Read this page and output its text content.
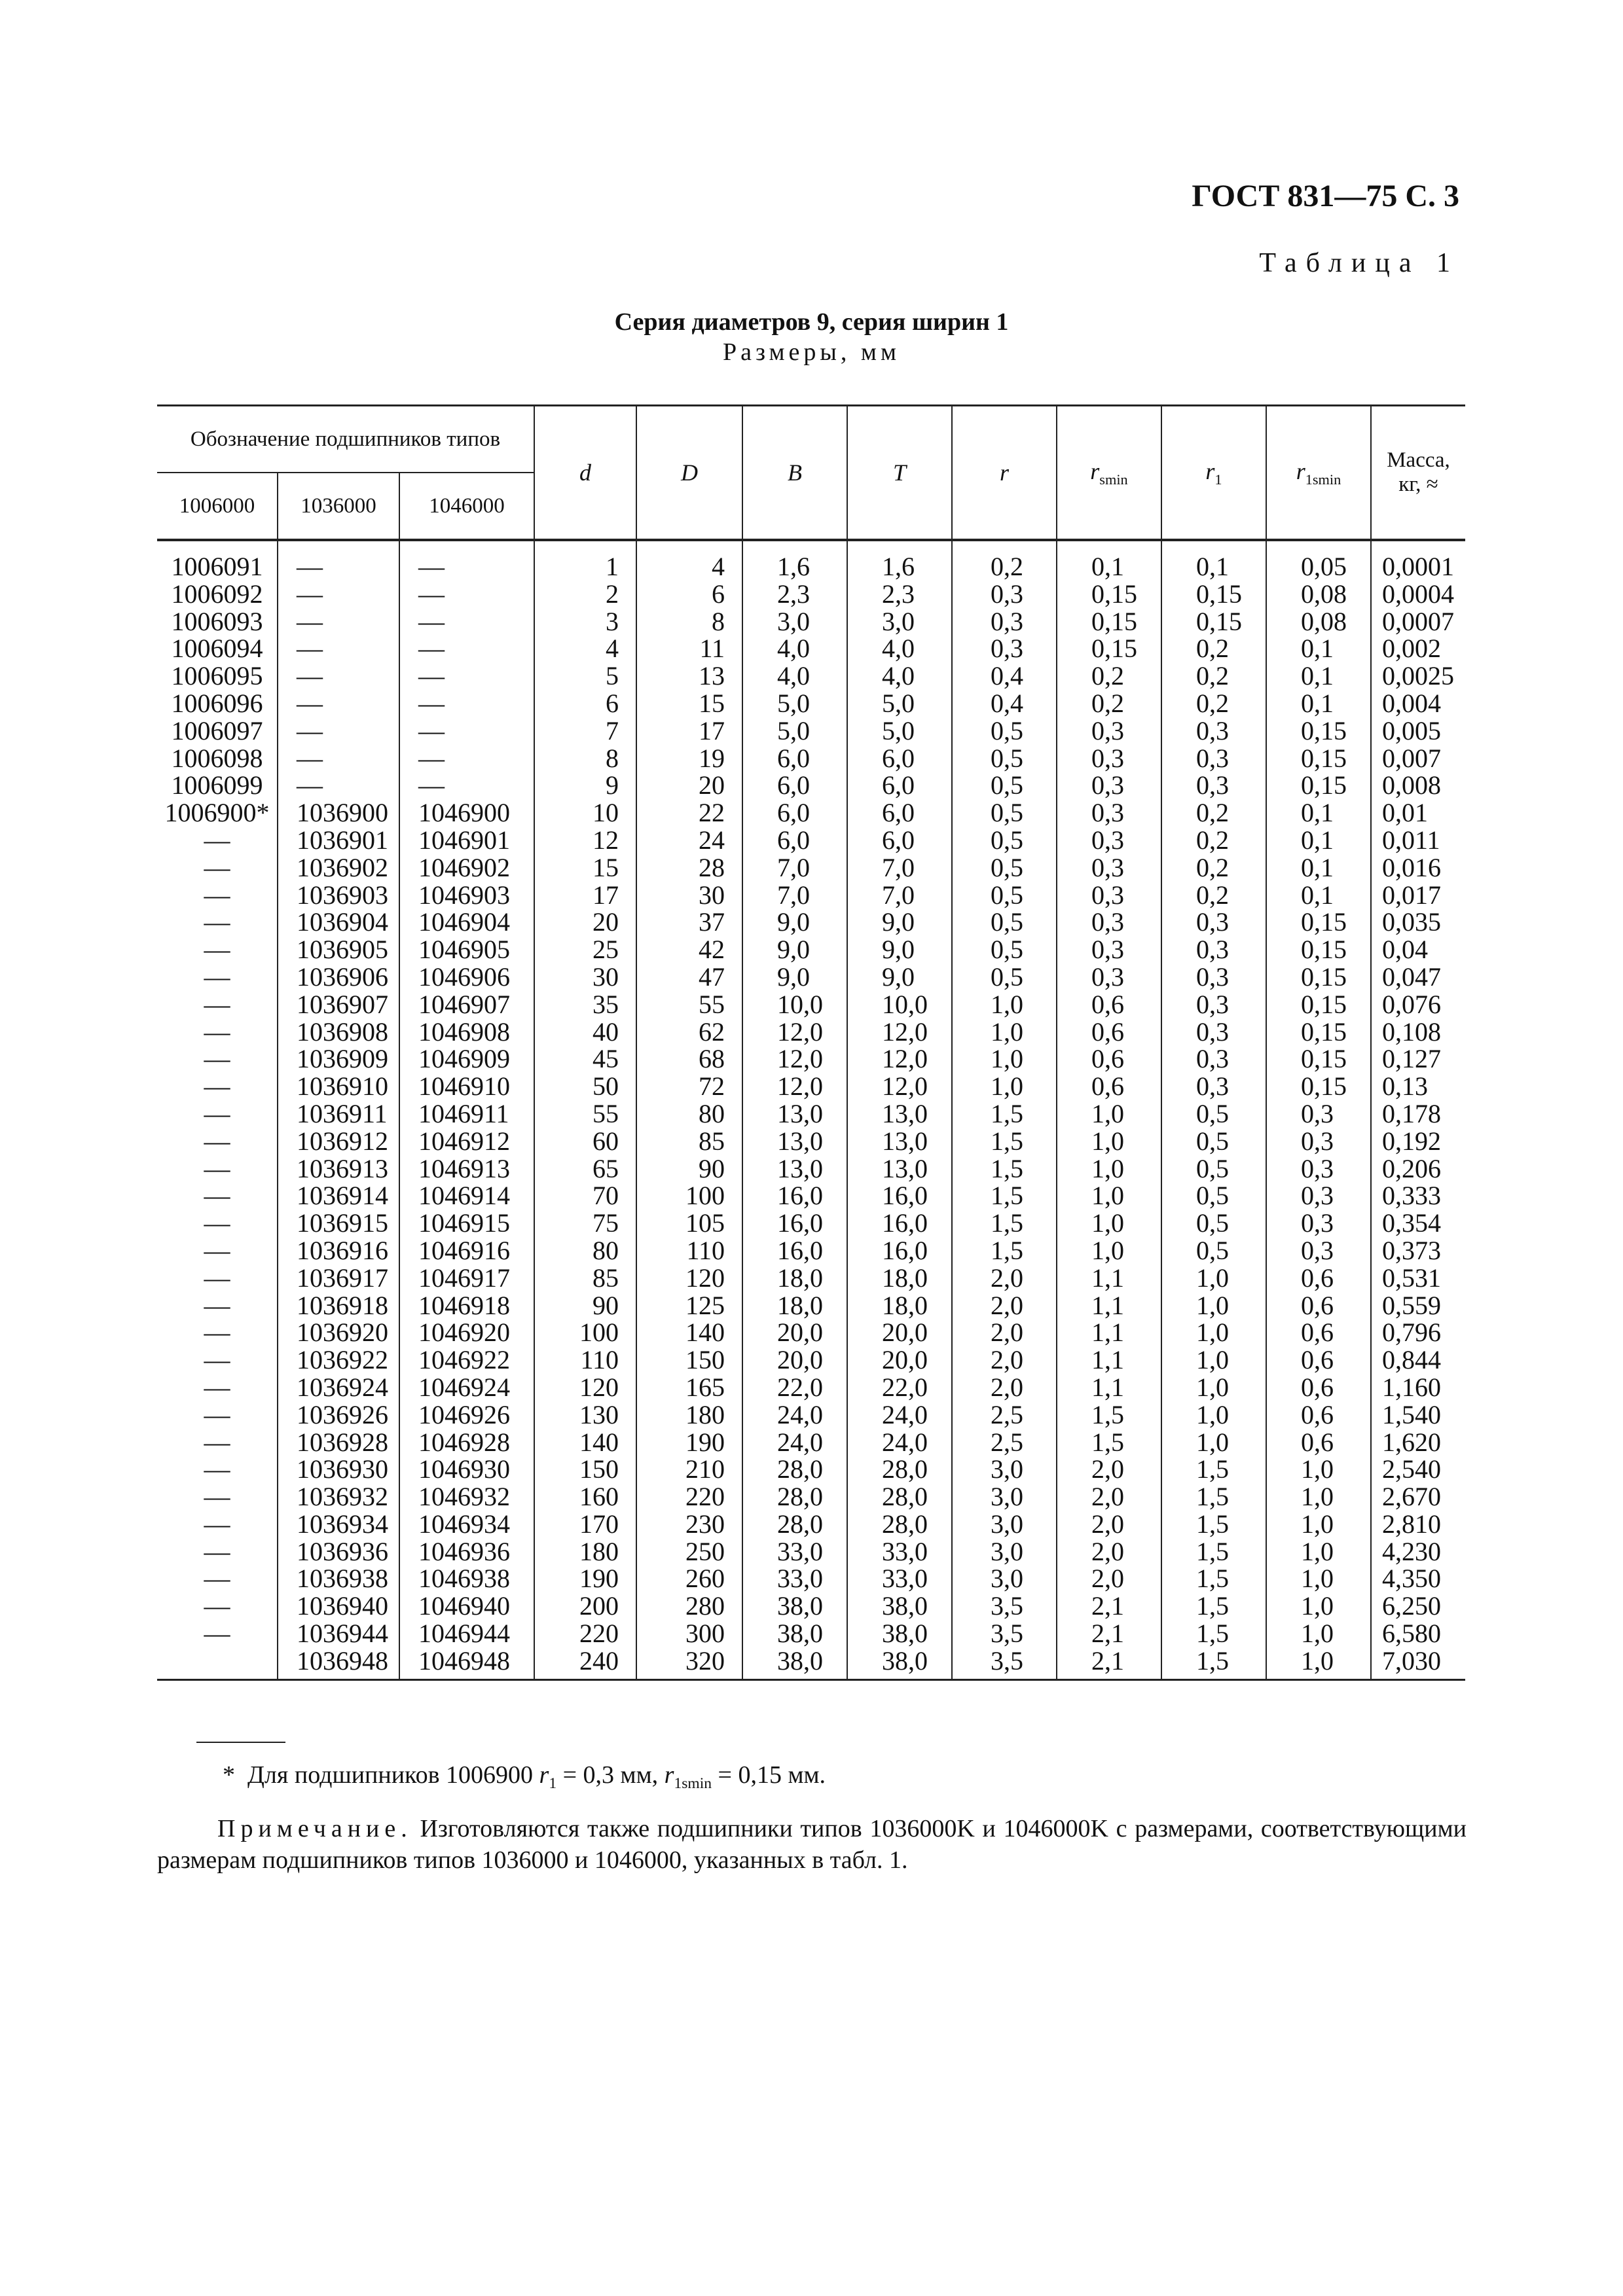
ГОСТ 831—75 С. 3
Таблица 1
Серия диаметров 9, серия ширин 1
Размеры, мм
Обозначение подшипников типов			d	D	B	T	r	$r_{smin}$	$r_1$	$r_{1smin}$	Масса,
кг, ≈

1006000	1036000	1046000									
1006091	—	—	1	4	1,6	1,6	0,2	0,1	0,1	0,05	0,0001
1006092	—	—	2	6	2,3	2,3	0,3	0,15	0,15	0,08	0,0004
1006093	—	—	3	8	3,0	3,0	0,3	0,15	0,15	0,08	0,0007
1006094	—	—	4	11	4,0	4,0	0,3	0,15	0,2	0,1	0,002
1006095	—	—	5	13	4,0	4,0	0,4	0,2	0,2	0,1	0,0025
1006096	—	—	6	15	5,0	5,0	0,4	0,2	0,2	0,1	0,004
1006097	—	—	7	17	5,0	5,0	0,5	0,3	0,3	0,15	0,005
1006098	—	—	8	19	6,0	6,0	0,5	0,3	0,3	0,15	0,007
1006099	—	—	9	20	6,0	6,0	0,5	0,3	0,3	0,15	0,008
1006900*	1036900	1046900	10	22	6,0	6,0	0,5	0,3	0,2	0,1	0,01
—	1036901	1046901	12	24	6,0	6,0	0,5	0,3	0,2	0,1	0,011
—	1036902	1046902	15	28	7,0	7,0	0,5	0,3	0,2	0,1	0,016
—	1036903	1046903	17	30	7,0	7,0	0,5	0,3	0,2	0,1	0,017
—	1036904	1046904	20	37	9,0	9,0	0,5	0,3	0,3	0,15	0,035
—	1036905	1046905	25	42	9,0	9,0	0,5	0,3	0,3	0,15	0,04
—	1036906	1046906	30	47	9,0	9,0	0,5	0,3	0,3	0,15	0,047
—	1036907	1046907	35	55	10,0	10,0	1,0	0,6	0,3	0,15	0,076
—	1036908	1046908	40	62	12,0	12,0	1,0	0,6	0,3	0,15	0,108
—	1036909	1046909	45	68	12,0	12,0	1,0	0,6	0,3	0,15	0,127
—	1036910	1046910	50	72	12,0	12,0	1,0	0,6	0,3	0,15	0,13
—	1036911	1046911	55	80	13,0	13,0	1,5	1,0	0,5	0,3	0,178
—	1036912	1046912	60	85	13,0	13,0	1,5	1,0	0,5	0,3	0,192
—	1036913	1046913	65	90	13,0	13,0	1,5	1,0	0,5	0,3	0,206
—	1036914	1046914	70	100	16,0	16,0	1,5	1,0	0,5	0,3	0,333
—	1036915	1046915	75	105	16,0	16,0	1,5	1,0	0,5	0,3	0,354
—	1036916	1046916	80	110	16,0	16,0	1,5	1,0	0,5	0,3	0,373
—	1036917	1046917	85	120	18,0	18,0	2,0	1,1	1,0	0,6	0,531
—	1036918	1046918	90	125	18,0	18,0	2,0	1,1	1,0	0,6	0,559
—	1036920	1046920	100	140	20,0	20,0	2,0	1,1	1,0	0,6	0,796
—	1036922	1046922	110	150	20,0	20,0	2,0	1,1	1,0	0,6	0,844
—	1036924	1046924	120	165	22,0	22,0	2,0	1,1	1,0	0,6	1,160
—	1036926	1046926	130	180	24,0	24,0	2,5	1,5	1,0	0,6	1,540
—	1036928	1046928	140	190	24,0	24,0	2,5	1,5	1,0	0,6	1,620
—	1036930	1046930	150	210	28,0	28,0	3,0	2,0	1,5	1,0	2,540
—	1036932	1046932	160	220	28,0	28,0	3,0	2,0	1,5	1,0	2,670
—	1036934	1046934	170	230	28,0	28,0	3,0	2,0	1,5	1,0	2,810
—	1036936	1046936	180	250	33,0	33,0	3,0	2,0	1,5	1,0	4,230
—	1036938	1046938	190	260	33,0	33,0	3,0	2,0	1,5	1,0	4,350
—	1036940	1046940	200	280	38,0	38,0	3,5	2,1	1,5	1,0	6,250
—	1036944	1046944	220	300	38,0	38,0	3,5	2,1	1,5	1,0	6,580
	1036948	1046948	240	320	38,0	38,0	3,5	2,1	1,5	1,0	7,030
* Для подшипников 1006900 $r_1 = 0,3$ мм, $r_{1smin} = 0,15$ мм.
Примечание. Изготовляются также подшипники типов 1036000K и 1046000K с размерами, соответствующими размерам подшипников типов 1036000 и 1046000, указанных в табл. 1.
